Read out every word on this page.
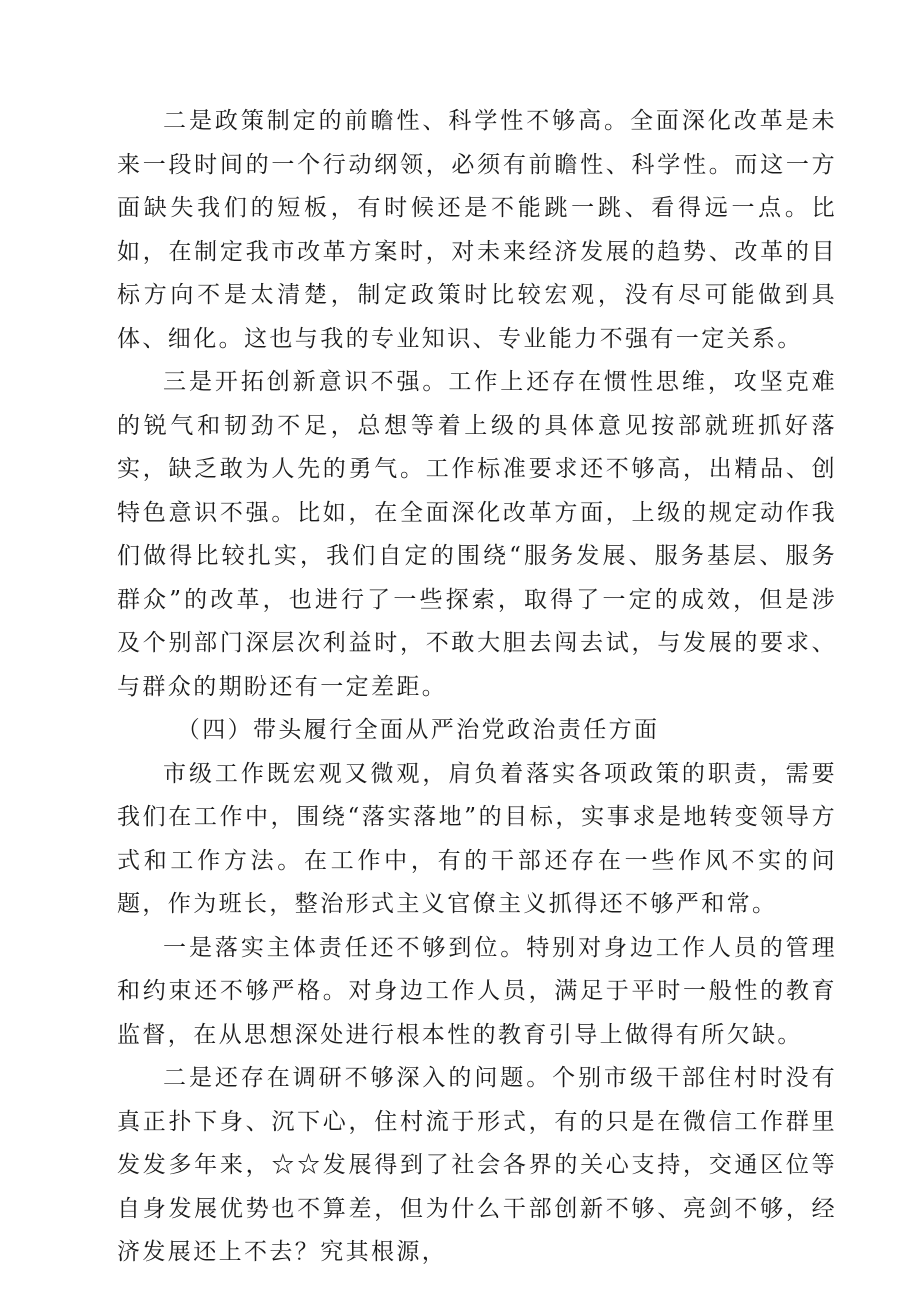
二是政策制定的前瞻性、科学性不够高。全面深化改革是未来一段时间的一个行动纲领，必须有前瞻性、科学性。而这一方面缺失我们的短板，有时候还是不能跳一跳、看得远一点。比如，在制定我市改革方案时，对未来经济发展的趋势、改革的目标方向不是太清楚，制定政策时比较宏观，没有尽可能做到具体、细化。这也与我的专业知识、专业能力不强有一定关系。

三是开拓创新意识不强。工作上还存在惯性思维，攻坚克难的锐气和韧劲不足，总想等着上级的具体意见按部就班抓好落实，缺乏敢为人先的勇气。工作标准要求还不够高，出精品、创特色意识不强。比如，在全面深化改革方面，上级的规定动作我们做得比较扎实，我们自定的围绕“服务发展、服务基层、服务群众”的改革，也进行了一些探索，取得了一定的成效，但是涉及个别部门深层次利益时，不敢大胆去闯去试，与发展的要求、与群众的期盼还有一定差距。

（四）带头履行全面从严治党政治责任方面

市级工作既宏观又微观，肩负着落实各项政策的职责，需要我们在工作中，围绕“落实落地”的目标，实事求是地转变领导方式和工作方法。在工作中，有的干部还存在一些作风不实的问题，作为班长，整治形式主义官僚主义抓得还不够严和常。

一是落实主体责任还不够到位。特别对身边工作人员的管理和约束还不够严格。对身边工作人员，满足于平时一般性的教育监督，在从思想深处进行根本性的教育引导上做得有所欠缺。

二是还存在调研不够深入的问题。个别市级干部住村时没有真正扑下身、沉下心，住村流于形式，有的只是在微信工作群里发发多年来，☆☆发展得到了社会各界的关心支持，交通区位等自身发展优势也不算差，但为什么干部创新不够、亮剑不够，经济发展还上不去？究其根源，
